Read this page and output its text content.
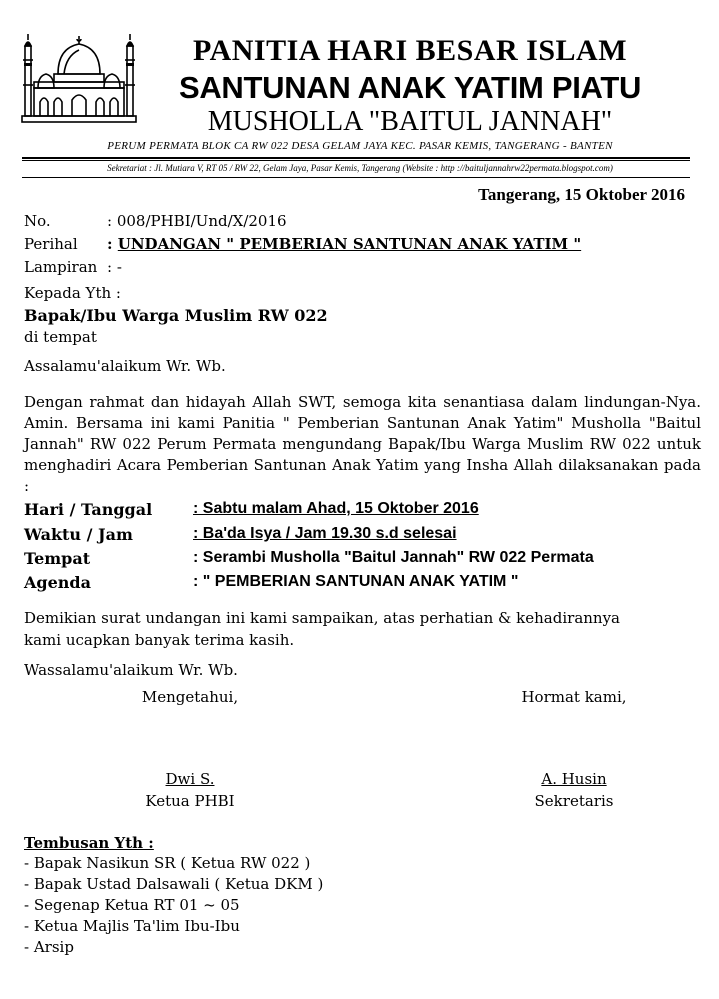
PANITIA HARI BESAR ISLAM
SANTUNAN ANAK YATIM PIATU
MUSHOLLA "BAITUL JANNAH"
PERUM PERMATA BLOK CA RW 022 DESA GELAM JAYA KEC. PASAR KEMIS, TANGERANG - BANTEN
Sekretariat : Jl. Mutiara V, RT 05 / RW 22, Gelam Jaya, Pasar Kemis, Tangerang (Website : http ://baituljannahrw22permata.blogspot.com)
Tangerang, 15 Oktober 2016
No.	: 008/PHBI/Und/X/2016
Perihal : UNDANGAN " PEMBERIAN SANTUNAN ANAK YATIM "
Lampiran : -
Kepada Yth :
Bapak/Ibu Warga Muslim RW 022
di tempat
Assalamu'alaikum Wr. Wb.
Dengan rahmat dan hidayah Allah SWT, semoga kita senantiasa dalam lindungan-Nya. Amin. Bersama ini kami Panitia " Pemberian Santunan Anak Yatim" Musholla "Baitul Jannah" RW 022 Perum Permata mengundang Bapak/Ibu Warga Muslim RW 022 untuk menghadiri Acara Pemberian Santunan Anak Yatim yang Insha Allah dilaksanakan pada :
Hari / Tanggal	: Sabtu malam Ahad, 15 Oktober 2016
Waktu / Jam	: Ba'da Isya / Jam 19.30 s.d selesai
Tempat	: Serambi Musholla "Baitul Jannah" RW 022 Permata
Agenda	: " PEMBERIAN SANTUNAN ANAK YATIM "
Demikian surat undangan ini kami sampaikan, atas perhatian & kehadirannya
kami ucapkan banyak terima kasih.
Wassalamu'alaikum Wr. Wb.
Mengetahui,	Hormat kami,
Dwi S.	A. Husin
Ketua PHBI	Sekretaris
Tembusan Yth :
- Bapak Nasikun SR ( Ketua RW 022 )
- Bapak Ustad Dalsawali ( Ketua DKM )
- Segenap Ketua RT 01 ~ 05
- Ketua Majlis Ta'lim Ibu-Ibu
- Arsip
